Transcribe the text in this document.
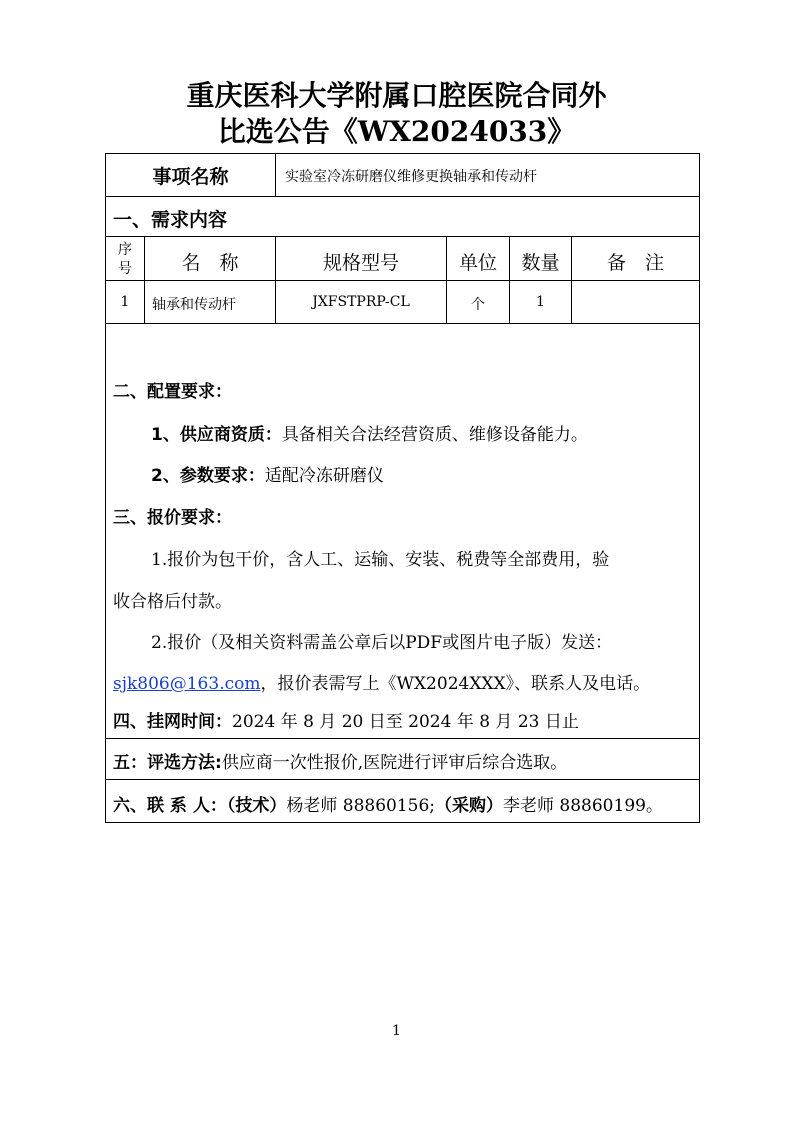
重庆医科大学附属口腔医院合同外
比选公告《WX2024033》
事项名称	实验室冷冻研磨仪维修更换轴承和传动杆
一、需求内容
序
号	名　称	规格型号	单位	数量	备　注
1	轴承和传动杆	JXFSTPRP-CL	个	1
二、配置要求：
1、供应商资质：具备相关合法经营资质、维修设备能力。
2、参数要求：适配冷冻研磨仪
三、报价要求：
1.报价为包干价，含人工、运输、安装、税费等全部费用，验
收合格后付款。
2.报价（及相关资料需盖公章后以PDF或图片电子版）发送：
sjk806@163.com，报价表需写上《WX2024XXX》、联系人及电话。
四、挂网时间：2024 年 8 月 20 日至 2024 年 8 月 23 日止
五：评选方法:供应商一次性报价,医院进行评审后综合选取。
六、联 系 人：（技术）杨老师 88860156;（采购）李老师 88860199。
1
